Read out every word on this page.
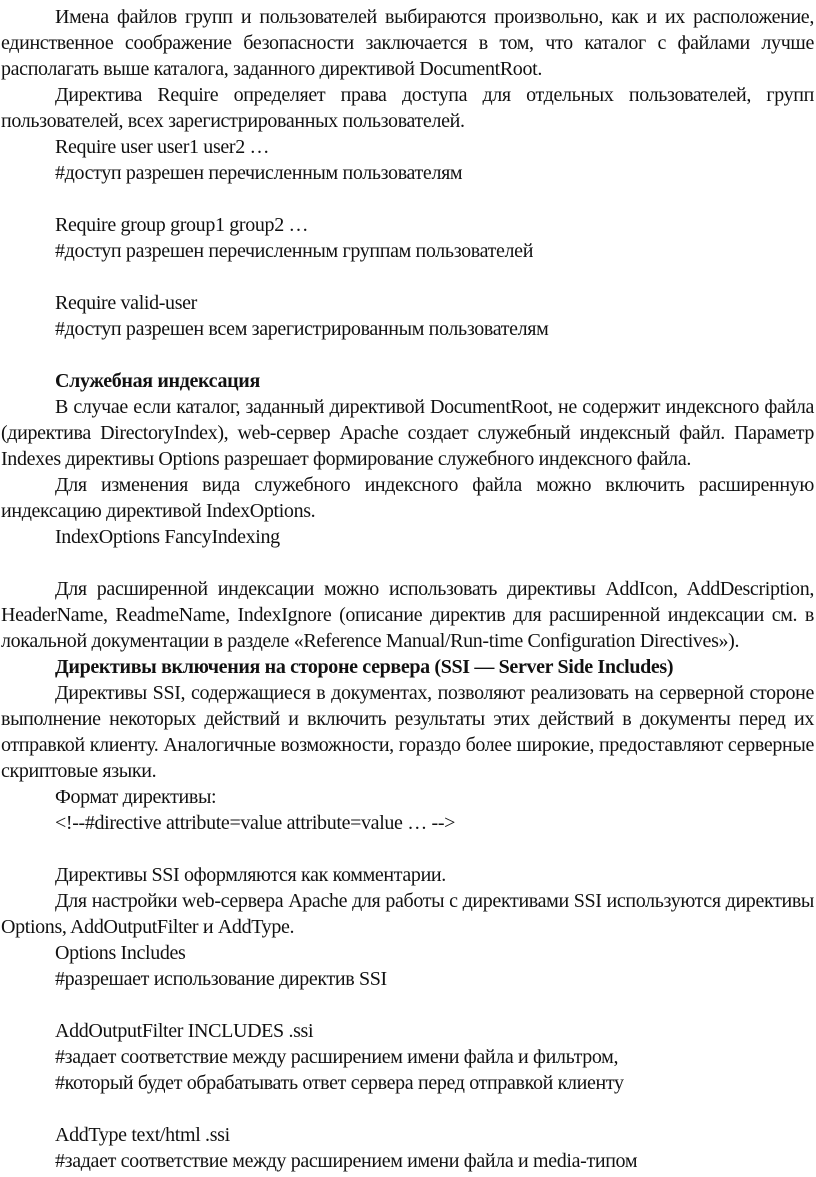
Имена файлов групп и пользователей выбираются произвольно, как и их расположение, единственное соображение безопасности заключается в том, что каталог с файлами лучше располагать выше каталога, заданного директивой DocumentRoot.

Директива Require определяет права доступа для отдельных пользователей, групп пользователей, всех зарегистрированных пользователей.

Require user user1 user2 …

#доступ разрешен перечисленным пользователям

Require group group1 group2 …

#доступ разрешен перечисленным группам пользователей

Require valid-user

#доступ разрешен всем зарегистрированным пользователям

Служебная индексация

В случае если каталог, заданный директивой DocumentRoot, не содержит индексного файла (директива DirectoryIndex), web-сервер Apache создает служебный индексный файл. Параметр Indexes директивы Options разрешает формирование служебного индексного файла.

Для изменения вида служебного индексного файла можно включить расширенную индексацию директивой IndexOptions.

IndexOptions FancyIndexing

Для расширенной индексации можно использовать директивы AddIcon, AddDescription, HeaderName, ReadmeName, IndexIgnore (описание директив для расширенной индексации см. в локальной документации в разделе «Reference Manual/Run-time Configuration Directives»).

Директивы включения на стороне сервера (SSI — Server Side Includes)

Директивы SSI, содержащиеся в документах, позволяют реализовать на серверной стороне выполнение некоторых действий и включить результаты этих действий в документы перед их отправкой клиенту. Аналогичные возможности, гораздо более широкие, предоставляют серверные скриптовые языки.

Формат директивы:

<!--#directive attribute=value attribute=value … -->

Директивы SSI оформляются как комментарии.

Для настройки web-сервера Apache для работы с директивами SSI используются директивы Options, AddOutputFilter и AddType.

Options Includes

#разрешает использование директив SSI

AddOutputFilter INCLUDES .ssi

#задает соответствие между расширением имени файла и фильтром,

#который будет обрабатывать ответ сервера перед отправкой клиенту

AddType text/html .ssi

#задает соответствие между расширением имени файла и media-типом
